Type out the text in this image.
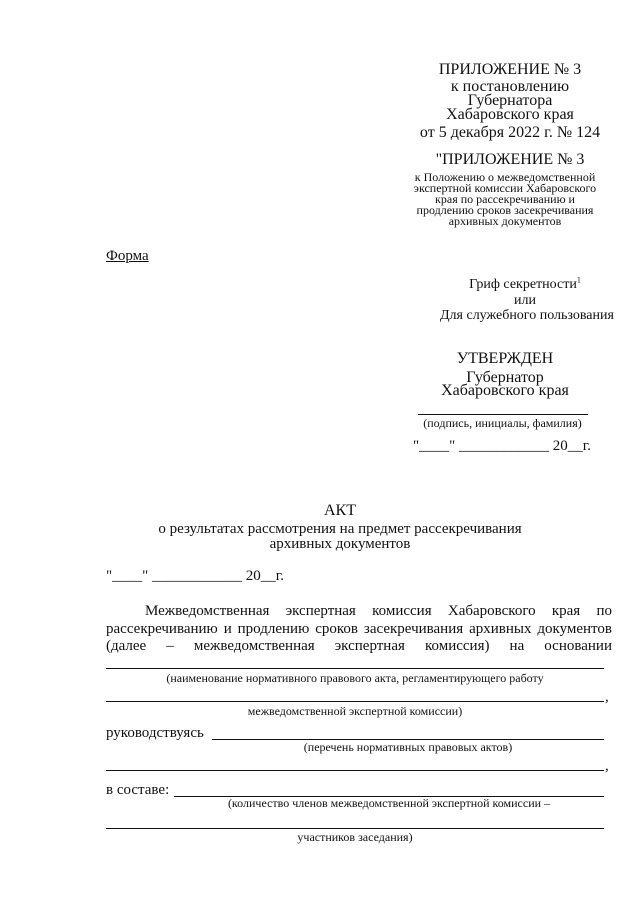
ПРИЛОЖЕНИЕ № 3
к постановлению
Губернатора
Хабаровского края
от 5 декабря 2022 г. № 124
"ПРИЛОЖЕНИЕ № 3
к Положению о межведомственной
экспертной комиссии Хабаровского
края по рассекречиванию и
продлению сроков засекречивания
архивных документов
Форма
Гриф секретности$^1$
или
Для служебного пользования
УТВЕРЖДЕН
Губернатор
Хабаровского края
(подпись, инициалы, фамилия)
"____" ____________ 20__г.
АКТ
о результатах рассмотрения на предмет рассекречивания
архивных документов
"____" ____________ 20__г.
Межведомственная экспертная комиссия Хабаровского края по
рассекречиванию и продлению сроков засекречивания архивных документов
(далее – межведомственная экспертная комиссия) на основании
(наименование нормативного правового акта, регламентирующего работу
,
межведомственной экспертной комиссии)
руководствуясь
(перечень нормативных правовых актов)
,
в составе:
(количество членов межведомственной экспертной комиссии –
участников заседания)
